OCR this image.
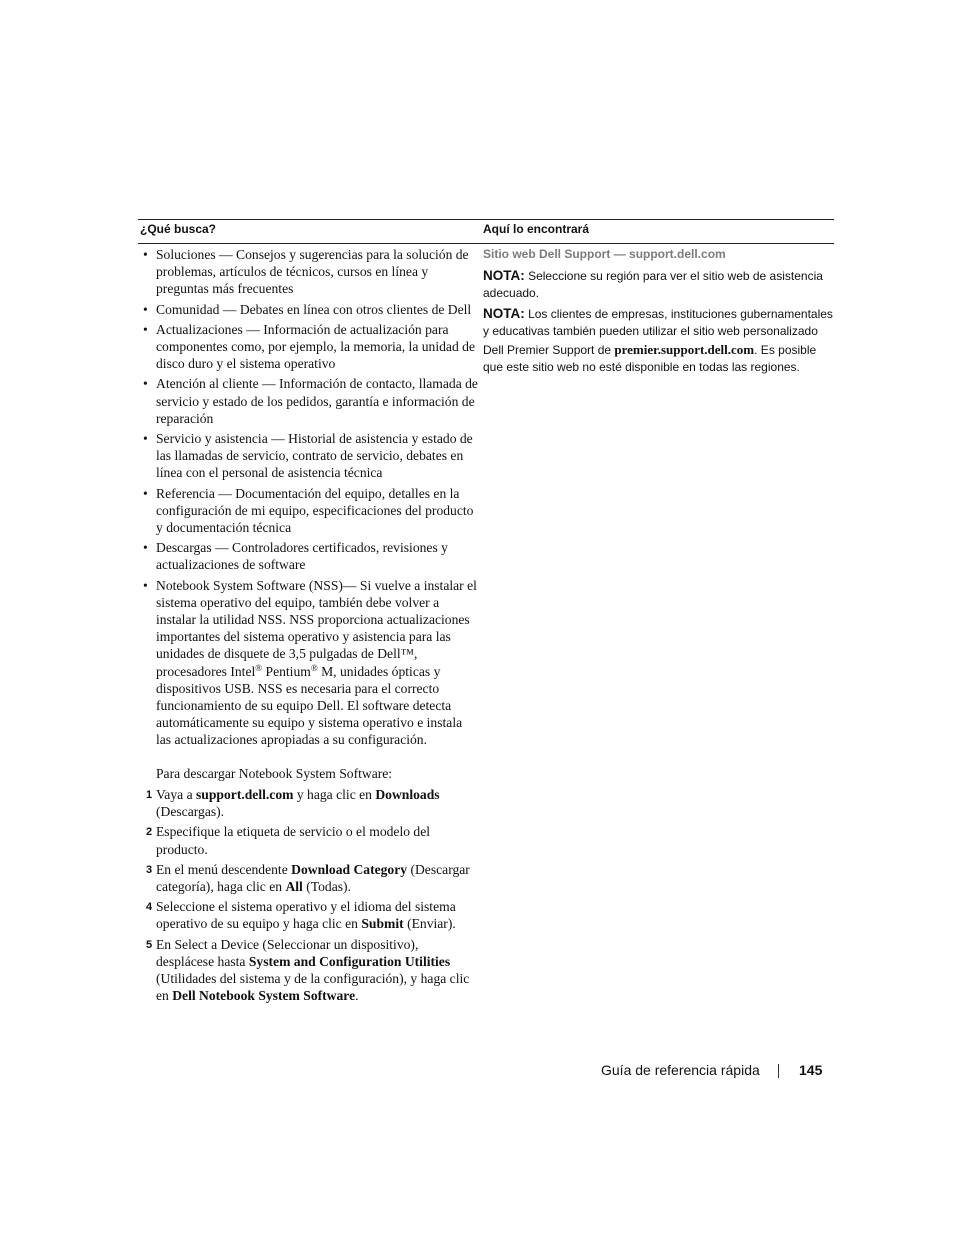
¿Qué busca?	Aquí lo encontrará
• Soluciones — Consejos y sugerencias para la solución de problemas, artículos de técnicos, cursos en línea y preguntas más frecuentes
• Comunidad — Debates en línea con otros clientes de Dell
• Actualizaciones — Información de actualización para componentes como, por ejemplo, la memoria, la unidad de disco duro y el sistema operativo
• Atención al cliente — Información de contacto, llamada de servicio y estado de los pedidos, garantía e información de reparación
• Servicio y asistencia — Historial de asistencia y estado de las llamadas de servicio, contrato de servicio, debates en línea con el personal de asistencia técnica
• Referencia — Documentación del equipo, detalles en la configuración de mi equipo, especificaciones del producto y documentación técnica
• Descargas — Controladores certificados, revisiones y actualizaciones de software
• Notebook System Software (NSS)— Si vuelve a instalar el sistema operativo del equipo, también debe volver a instalar la utilidad NSS. NSS proporciona actualizaciones importantes del sistema operativo y asistencia para las unidades de disquete de 3,5 pulgadas de Dell™, procesadores Intel® Pentium® M, unidades ópticas y dispositivos USB. NSS es necesaria para el correcto funcionamiento de su equipo Dell. El software detecta automáticamente su equipo y sistema operativo e instala las actualizaciones apropiadas a su configuración.
Para descargar Notebook System Software:
1 Vaya a support.dell.com y haga clic en Downloads (Descargas).
2 Especifique la etiqueta de servicio o el modelo del producto.
3 En el menú descendente Download Category (Descargar categoría), haga clic en All (Todas).
4 Seleccione el sistema operativo y el idioma del sistema operativo de su equipo y haga clic en Submit (Enviar).
5 En Select a Device (Seleccionar un dispositivo), desplácese hasta System and Configuration Utilities (Utilidades del sistema y de la configuración), y haga clic en Dell Notebook System Software.
Sitio web Dell Support — support.dell.com
NOTA: Seleccione su región para ver el sitio web de asistencia adecuado.
NOTA: Los clientes de empresas, instituciones gubernamentales y educativas también pueden utilizar el sitio web personalizado Dell Premier Support de premier.support.dell.com. Es posible que este sitio web no esté disponible en todas las regiones.
Guía de referencia rápida	145
